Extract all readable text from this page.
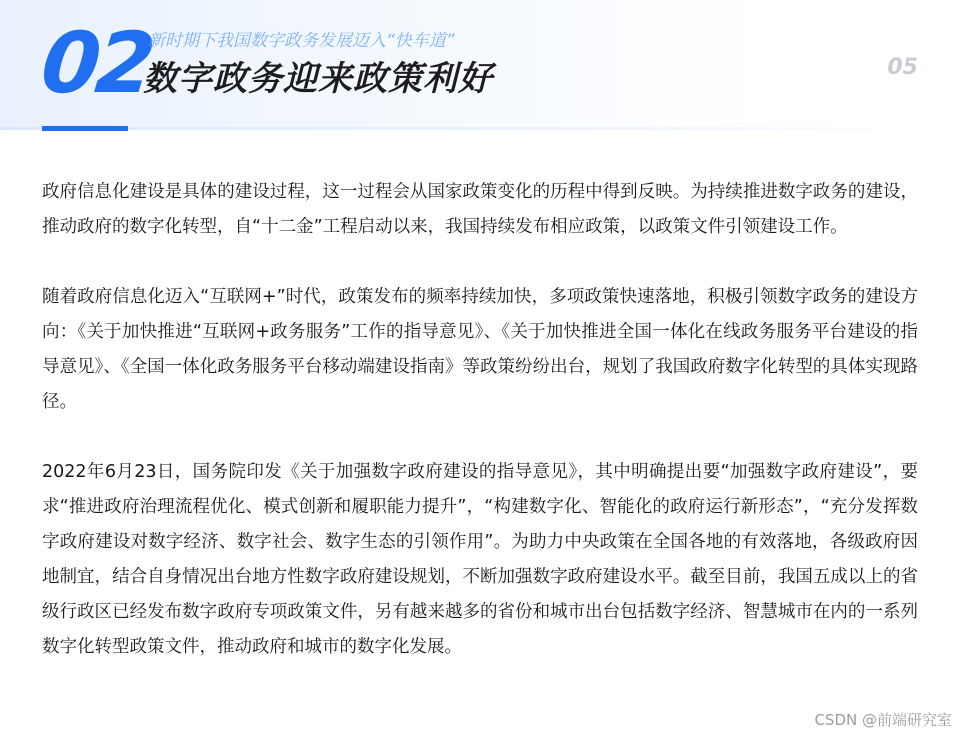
02
新时期下我国数字政务发展迈入“快车道”
数字政务迎来政策利好	05

政府信息化建设是具体的建设过程，这一过程会从国家政策变化的历程中得到反映。为持续推进数字政务的建设，推动政府的数字化转型，自“十二金”工程启动以来，我国持续发布相应政策，以政策文件引领建设工作。

随着政府信息化迈入“互联网+”时代，政策发布的频率持续加快，多项政策快速落地，积极引领数字政务的建设方向：《关于加快推进“互联网+政务服务”工作的指导意见》、《关于加快推进全国一体化在线政务服务平台建设的指导意见》、《全国一体化政务服务平台移动端建设指南》等政策纷纷出台，规划了我国政府数字化转型的具体实现路径。

2022年6月23日，国务院印发《关于加强数字政府建设的指导意见》，其中明确提出要“加强数字政府建设”，要求“推进政府治理流程优化、模式创新和履职能力提升”，“构建数字化、智能化的政府运行新形态”，“充分发挥数字政府建设对数字经济、数字社会、数字生态的引领作用”。为助力中央政策在全国各地的有效落地，各级政府因地制宜，结合自身情况出台地方性数字政府建设规划，不断加强数字政府建设水平。截至目前，我国五成以上的省级行政区已经发布数字政府专项政策文件，另有越来越多的省份和城市出台包括数字经济、智慧城市在内的一系列数字化转型政策文件，推动政府和城市的数字化发展。

CSDN @前端研究室
